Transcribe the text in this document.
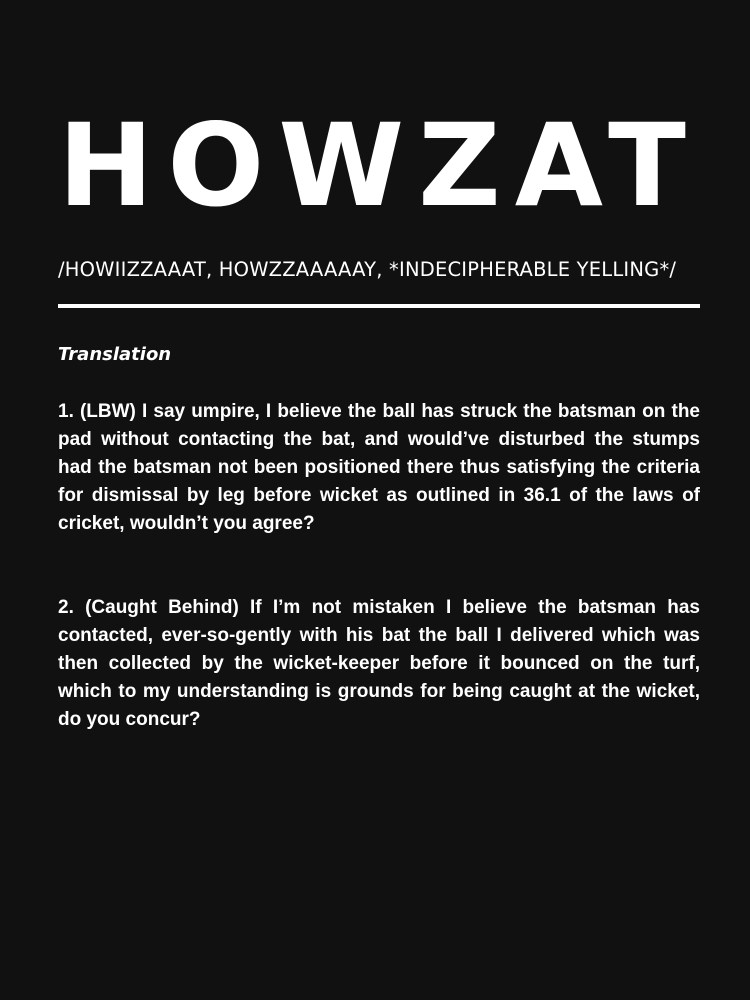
HOWZAT

/HOWIIZZAAAT, HOWZZAAAAAY, *INDECIPHERABLE YELLING*/

Translation

1. (LBW) I say umpire, I believe the ball has struck the batsman on the pad without contacting the bat, and would’ve disturbed the stumps had the batsman not been positioned there thus satisfying the criteria for dismissal by leg before wicket as outlined in 36.1 of the laws of cricket, wouldn’t you agree?

2. (Caught Behind) If I’m not mistaken I believe the batsman has contacted, ever-so-gently with his bat the ball I delivered which was then collected by the wicket-keeper before it bounced on the turf, which to my understanding is grounds for being caught at the wicket, do you concur?
